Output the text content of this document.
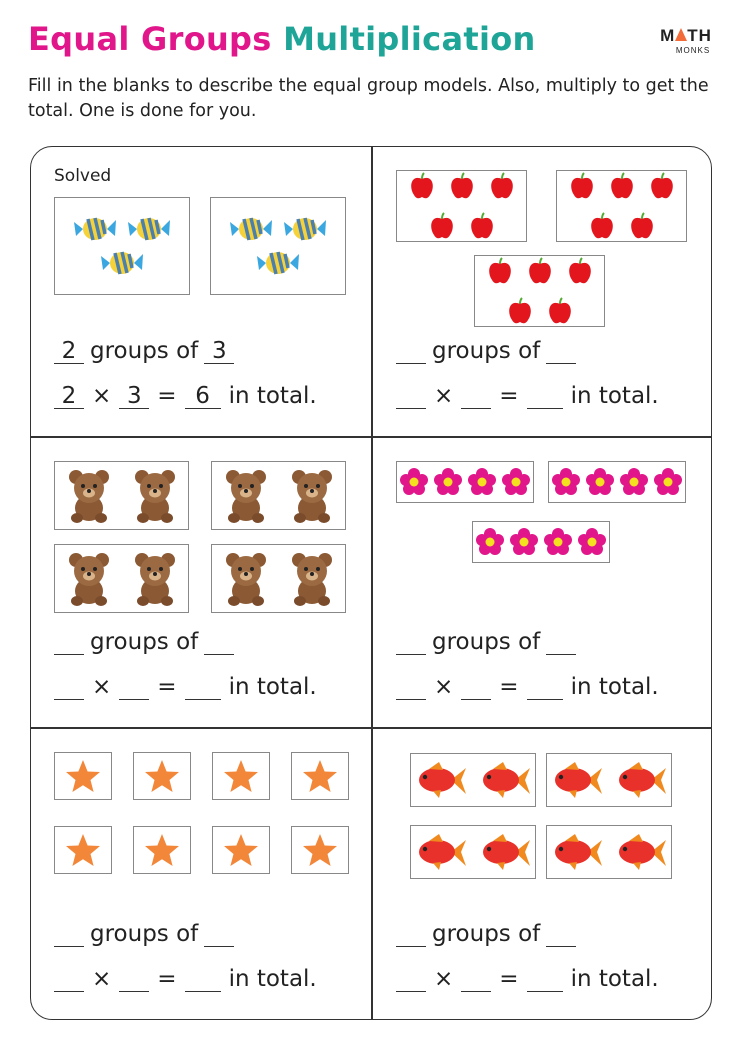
Equal Groups Multiplication	M TH
MONKS
Fill in the blanks to describe the equal group models. Also, multiply to get the total. One is done for you.
Solved
2 groups of 3
2 × 3 = 6 in total.
groups of
× = in total.
groups of
× = in total.
groups of
× = in total.
groups of
× = in total.
groups of
× = in total.
